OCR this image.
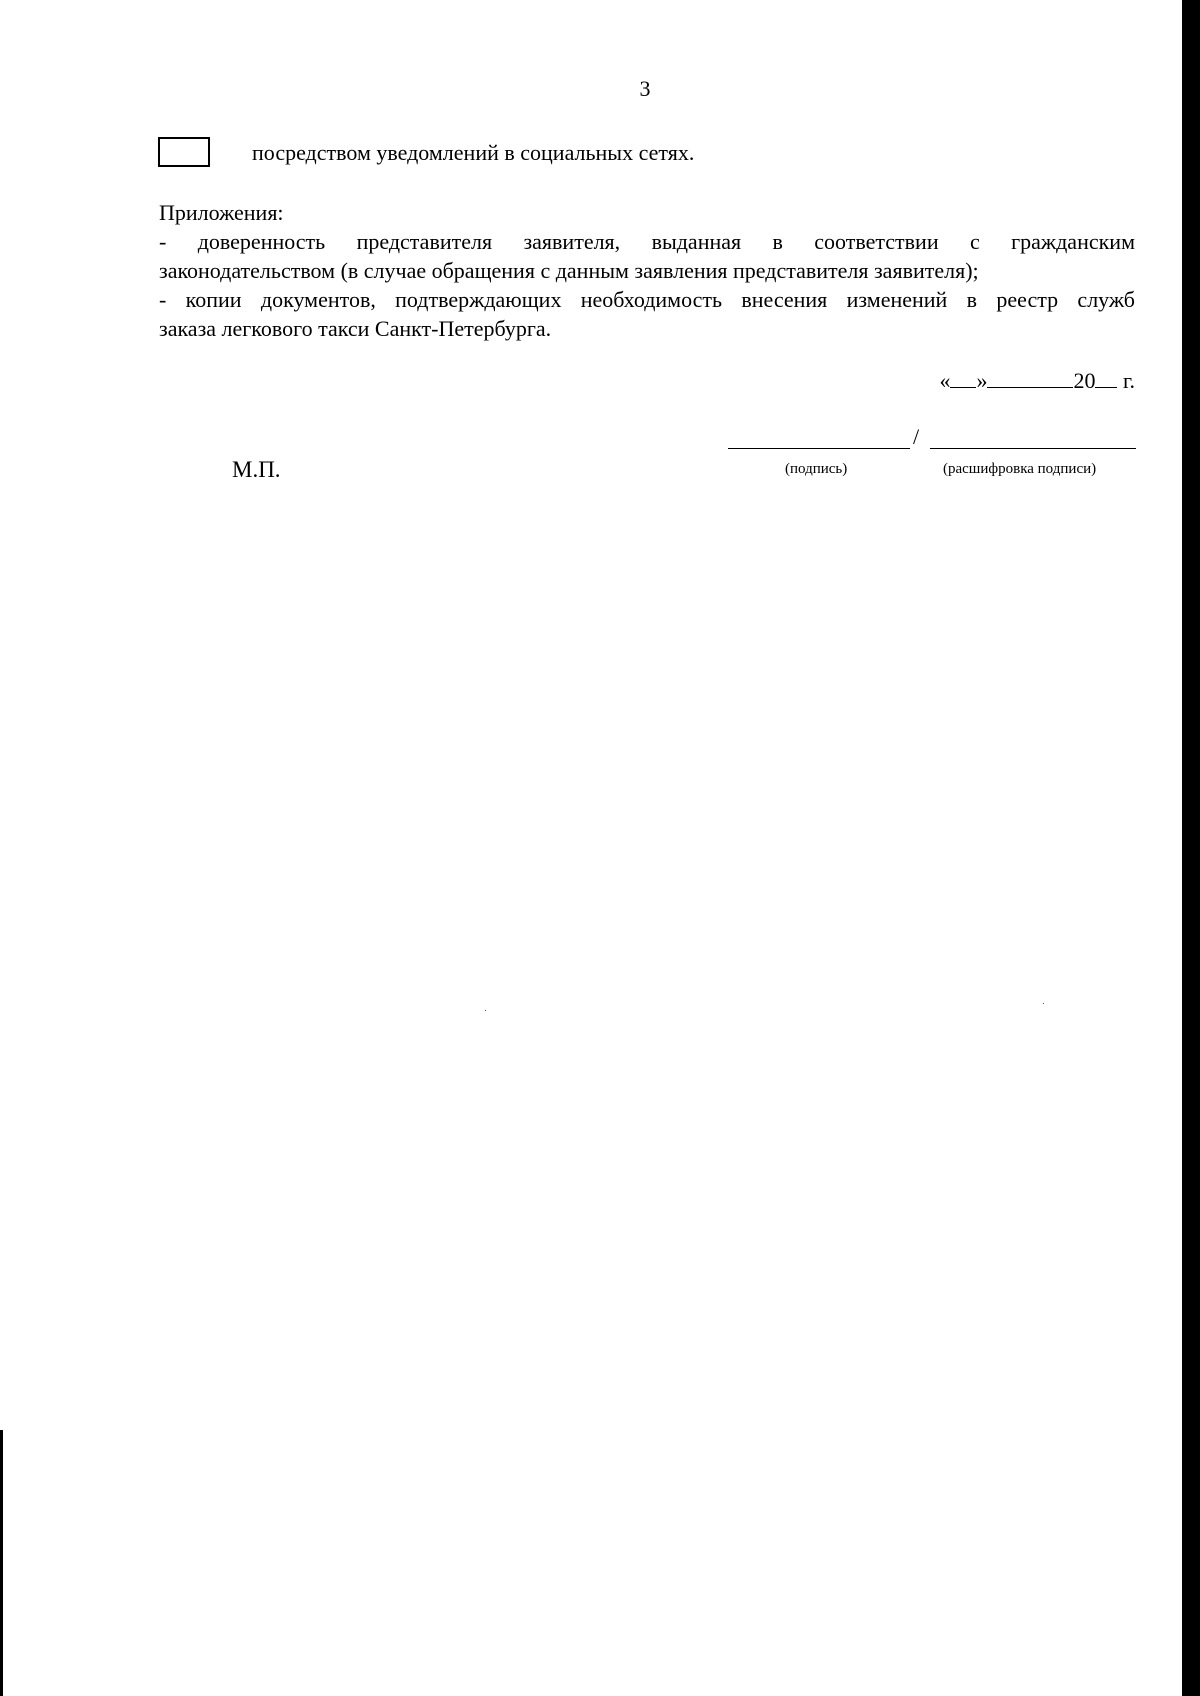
3
посредством уведомлений в социальных сетях.

Приложения:

- доверенность представителя заявителя, выданная в соответствии с гражданским

законодательством (в случае обращения с данным заявления представителя заявителя);

- копии документов, подтверждающих необходимость внесения изменений в реестр служб

заказа легкового такси Санкт-Петербурга.

« »	20 г.
/
(подпись)	(расшифровка подписи)
М.П.
